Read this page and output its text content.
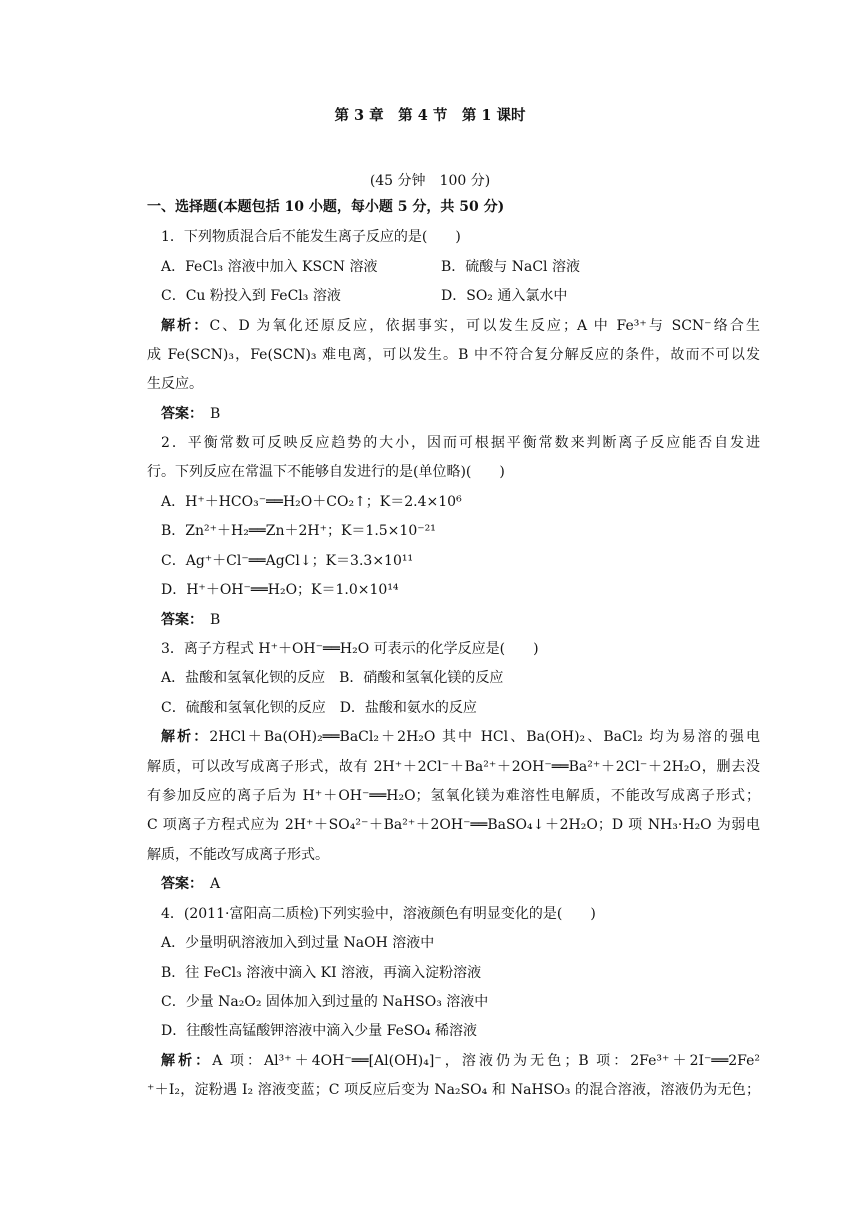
第 3 章　第 4 节　第 1 课时
(45 分钟　100 分)
一、选择题(本题包括 10 小题，每小题 5 分，共 50 分)
1．下列物质混合后不能发生离子反应的是(　　)
A．FeCl₃ 溶液中加入 KSCN 溶液	B．硫酸与 NaCl 溶液
C．Cu 粉投入到 FeCl₃ 溶液	D．SO₂ 通入氯水中
解析：C、D 为氧化还原反应，依据事实，可以发生反应；A 中 Fe³⁺与 SCN⁻络合生
成 Fe(SCN)₃，Fe(SCN)₃ 难电离，可以发生。B 中不符合复分解反应的条件，故而不可以发
生反应。
答案：　 B
2．平衡常数可反映反应趋势的大小，因而可根据平衡常数来判断离子反应能否自发进
行。下列反应在常温下不能够自发进行的是(单位略)(　　)
A．H⁺＋HCO₃⁻══H₂O＋CO₂↑；K＝2.4×10⁶
B．Zn²⁺＋H₂══Zn＋2H⁺；K＝1.5×10⁻²¹
C．Ag⁺＋Cl⁻══AgCl↓；K＝3.3×10¹¹
D．H⁺＋OH⁻══H₂O；K＝1.0×10¹⁴
答案：　 B
3．离子方程式 H⁺＋OH⁻══H₂O 可表示的化学反应是(　　)
A．盐酸和氢氧化钡的反应　B．硝酸和氢氧化镁的反应
C．硫酸和氢氧化钡的反应　D．盐酸和氨水的反应
解析：2HCl＋Ba(OH)₂══BaCl₂＋2H₂O 其中 HCl、Ba(OH)₂、BaCl₂ 均为易溶的强电
解质，可以改写成离子形式，故有 2H⁺＋2Cl⁻＋Ba²⁺＋2OH⁻══Ba²⁺＋2Cl⁻＋2H₂O，删去没
有参加反应的离子后为 H⁺＋OH⁻══H₂O；氢氧化镁为难溶性电解质，不能改写成离子形式；
C 项离子方程式应为 2H⁺＋SO₄²⁻＋Ba²⁺＋2OH⁻══BaSO₄↓＋2H₂O；D 项 NH₃·H₂O 为弱电
解质，不能改写成离子形式。
答案：　 A
4．(2011·富阳高二质检)下列实验中，溶液颜色有明显变化的是(　　)
A．少量明矾溶液加入到过量 NaOH 溶液中
B．往 FeCl₃ 溶液中滴入 KI 溶液，再滴入淀粉溶液
C．少量 Na₂O₂ 固体加入到过量的 NaHSO₃ 溶液中
D．往酸性高锰酸钾溶液中滴入少量 FeSO₄ 稀溶液
解析：A 项：Al³⁺＋4OH⁻══[Al(OH)₄]⁻，溶液仍为无色；B 项：2Fe³⁺＋2I⁻══2Fe²
⁺＋I₂，淀粉遇 I₂ 溶液变蓝；C 项反应后变为 Na₂SO₄ 和 NaHSO₃ 的混合溶液，溶液仍为无色；
